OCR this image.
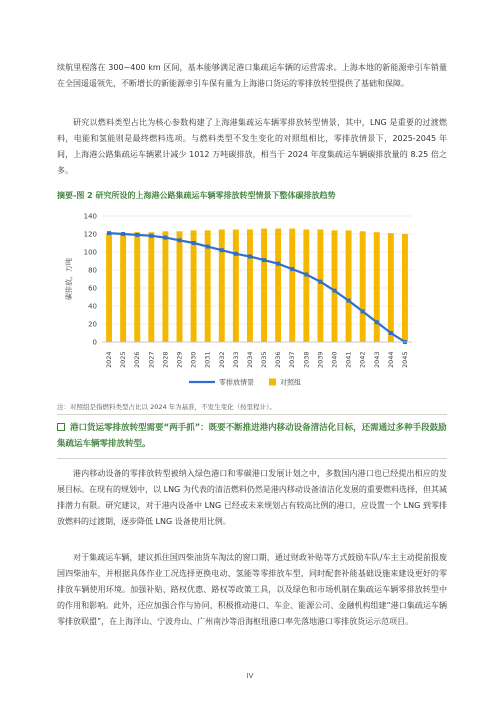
续航里程落在 300~400 km 区间，基本能够满足港口集疏运车辆的运营需求。上海本地的新能源牵引车销量在全国遥遥领先，不断增长的新能源牵引车保有量为上海港口货运的零排放转型提供了基础和保障。

研究以燃料类型占比为核心参数构建了上海港集疏运车辆零排放转型情景，其中，LNG 是重要的过渡燃料，电能和氢能则是最终燃料选项。与燃料类型不发生变化的对照组相比，零排放情景下，2025-2045 年间，上海港公路集疏运车辆累计减少 1012 万吨碳排放，相当于 2024 年度集疏运车辆碳排放量的 8.25 倍之多。

摘要-图 2 研究所设的上海港公路集疏运车辆零排放转型情景下整体碳排放趋势

0
20
40
60
80
100
120
140
碳排放，万吨
2024 2025 2026 2027 2028 2029 2030 2031 2032 2033 2034 2035 2036 2037 2038 2039 2040 2041 2042 2043 2044 2045
零排放情景	对照组

注：对照组是指燃料类型占比以 2024 年为基准，不发生变化（按里程计）。

港口货运零排放转型需要“两手抓”：既要不断推进港内移动设备清洁化目标，还需通过多种手段鼓励集疏运车辆零排放转型。

港内移动设备的零排放转型被纳入绿色港口和零碳港口发展计划之中，多数国内港口也已经提出相应的发展目标。在现有的规划中，以 LNG 为代表的清洁燃料仍然是港内移动设备清洁化发展的重要燃料选择，但其减排潜力有限。研究建议，对于港内设备中 LNG 已经或未来规划占有较高比例的港口，应设置一个 LNG 到零排放燃料的过渡期，逐步降低 LNG 设备使用比例。

对于集疏运车辆，建议抓住国四柴油货车淘汰的窗口期，通过财政补贴等方式鼓励车队/车主主动提前报废国四柴油车，并根据具体作业工况选择更换电动、氢能等零排放车型，同时配套补能基础设施来建设更好的零排放车辆使用环境。加强补贴、路权优惠、路权等政策工具，以及绿色和市场机制在集疏运车辆零排放转型中的作用和影响。此外，还应加强合作与协同，积极推动港口、车企、能源公司、金融机构组建“港口集疏运车辆零排放联盟”，在上海洋山、宁波舟山、广州南沙等沿海枢纽港口率先落地港口零排放货运示范项目。

IV
